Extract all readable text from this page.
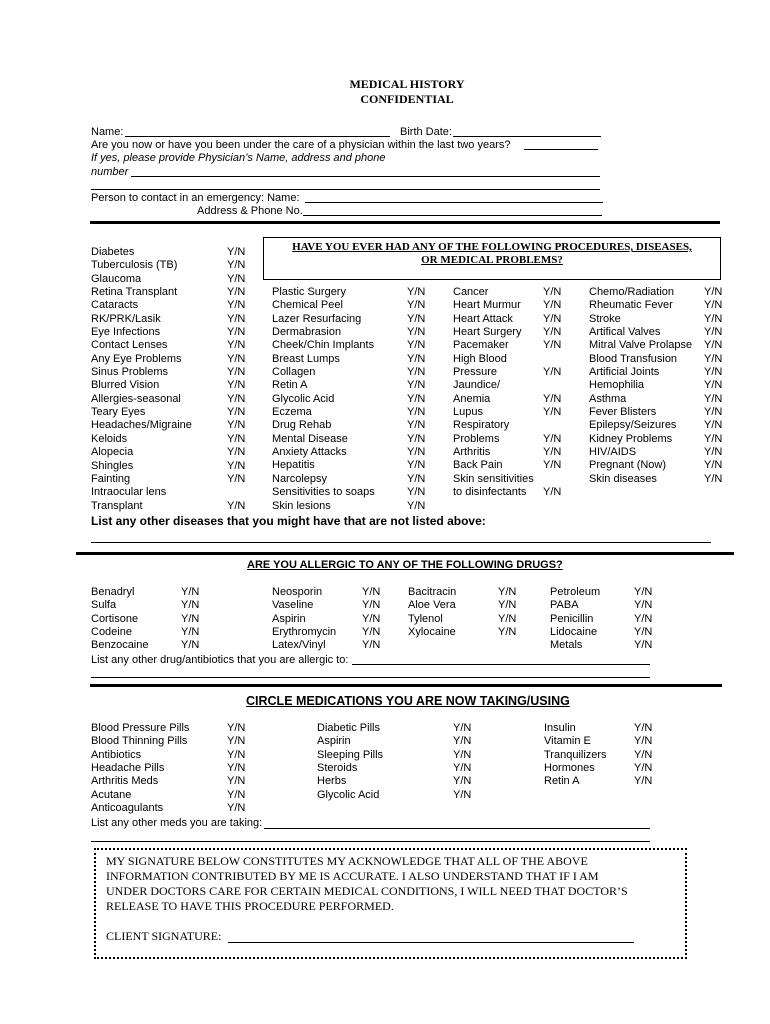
MEDICAL HISTORY
CONFIDENTIAL
Name:	Birth Date:
Are you now or have you been under the care of a physician within the last two years?
If yes, please provide Physician’s Name, address and phone
number
Person to contact in an emergency: Name:
Address & Phone No.
HAVE YOU EVER HAD ANY OF THE FOLLOWING PROCEDURES, DISEASES,
OR MEDICAL PROBLEMS?
Diabetes
Tuberculosis (TB)
Glaucoma
Retina Transplant
Cataracts
RK/PRK/Lasik
Eye Infections
Contact Lenses
Any Eye Problems
Sinus Problems
Blurred Vision
Allergies-seasonal
Teary Eyes
Headaches/Migraine
Keloids
Alopecia
Shingles
Fainting
Intraocular lens
Transplant
Y/N
Y/N
Y/N
Y/N
Y/N
Y/N
Y/N
Y/N
Y/N
Y/N
Y/N
Y/N
Y/N
Y/N
Y/N
Y/N
Y/N
Y/N

Y/N
Plastic Surgery
Chemical Peel
Lazer Resurfacing
Dermabrasion
Cheek/Chin Implants
Breast Lumps
Collagen
Retin A
Glycolic Acid
Eczema
Drug Rehab
Mental Disease
Anxiety Attacks
Hepatitis
Narcolepsy
Sensitivities to soaps
Skin lesions
Y/N
Y/N
Y/N
Y/N
Y/N
Y/N
Y/N
Y/N
Y/N
Y/N
Y/N
Y/N
Y/N
Y/N
Y/N
Y/N
Y/N
Cancer
Heart Murmur
Heart Attack
Heart Surgery
Pacemaker
High Blood
Pressure
Jaundice/
Anemia
Lupus
Respiratory
Problems
Arthritis
Back Pain
Skin sensitivities
to disinfectants
Y/N
Y/N
Y/N
Y/N
Y/N

Y/N

Y/N
Y/N

Y/N
Y/N
Y/N

Y/N
Chemo/Radiation
Rheumatic Fever
Stroke
Artifical Valves
Mitral Valve Prolapse
Blood Transfusion
Artificial Joints
Hemophilia
Asthma
Fever Blisters
Epilepsy/Seizures
Kidney Problems
HIV/AIDS
Pregnant (Now)
Skin diseases
Y/N
Y/N
Y/N
Y/N
Y/N
Y/N
Y/N
Y/N
Y/N
Y/N
Y/N
Y/N
Y/N
Y/N
Y/N
List any other diseases that you might have that are not listed above:
ARE YOU ALLERGIC TO ANY OF THE FOLLOWING DRUGS?
Benadryl
Sulfa
Cortisone
Codeine
Benzocaine
Y/N
Y/N
Y/N
Y/N
Y/N
Neosporin
Vaseline
Aspirin
Erythromycin
Latex/Vinyl
Y/N
Y/N
Y/N
Y/N
Y/N
Bacitracin
Aloe Vera
Tylenol
Xylocaine
Y/N
Y/N
Y/N
Y/N
Petroleum
PABA
Penicillin
Lidocaine
Metals
Y/N
Y/N
Y/N
Y/N
Y/N
List any other drug/antibiotics that you are allergic to:
CIRCLE MEDICATIONS YOU ARE NOW TAKING/USING
Blood Pressure Pills
Blood Thinning Pills
Antibiotics
Headache Pills
Arthritis Meds
Acutane
Anticoagulants
Y/N
Y/N
Y/N
Y/N
Y/N
Y/N
Y/N
Diabetic Pills
Aspirin
Sleeping Pills
Steroids
Herbs
Glycolic Acid
Y/N
Y/N
Y/N
Y/N
Y/N
Y/N
Insulin
Vitamin E
Tranquilizers
Hormones
Retin A
Y/N
Y/N
Y/N
Y/N
Y/N
List any other meds you are taking:
MY SIGNATURE BELOW CONSTITUTES MY ACKNOWLEDGE THAT ALL OF THE ABOVE
INFORMATION CONTRIBUTED BY ME IS ACCURATE. I ALSO UNDERSTAND THAT IF I AM
UNDER DOCTORS CARE FOR CERTAIN MEDICAL CONDITIONS, I WILL NEED THAT DOCTOR’S
RELEASE TO HAVE THIS PROCEDURE PERFORMED.
CLIENT SIGNATURE:
